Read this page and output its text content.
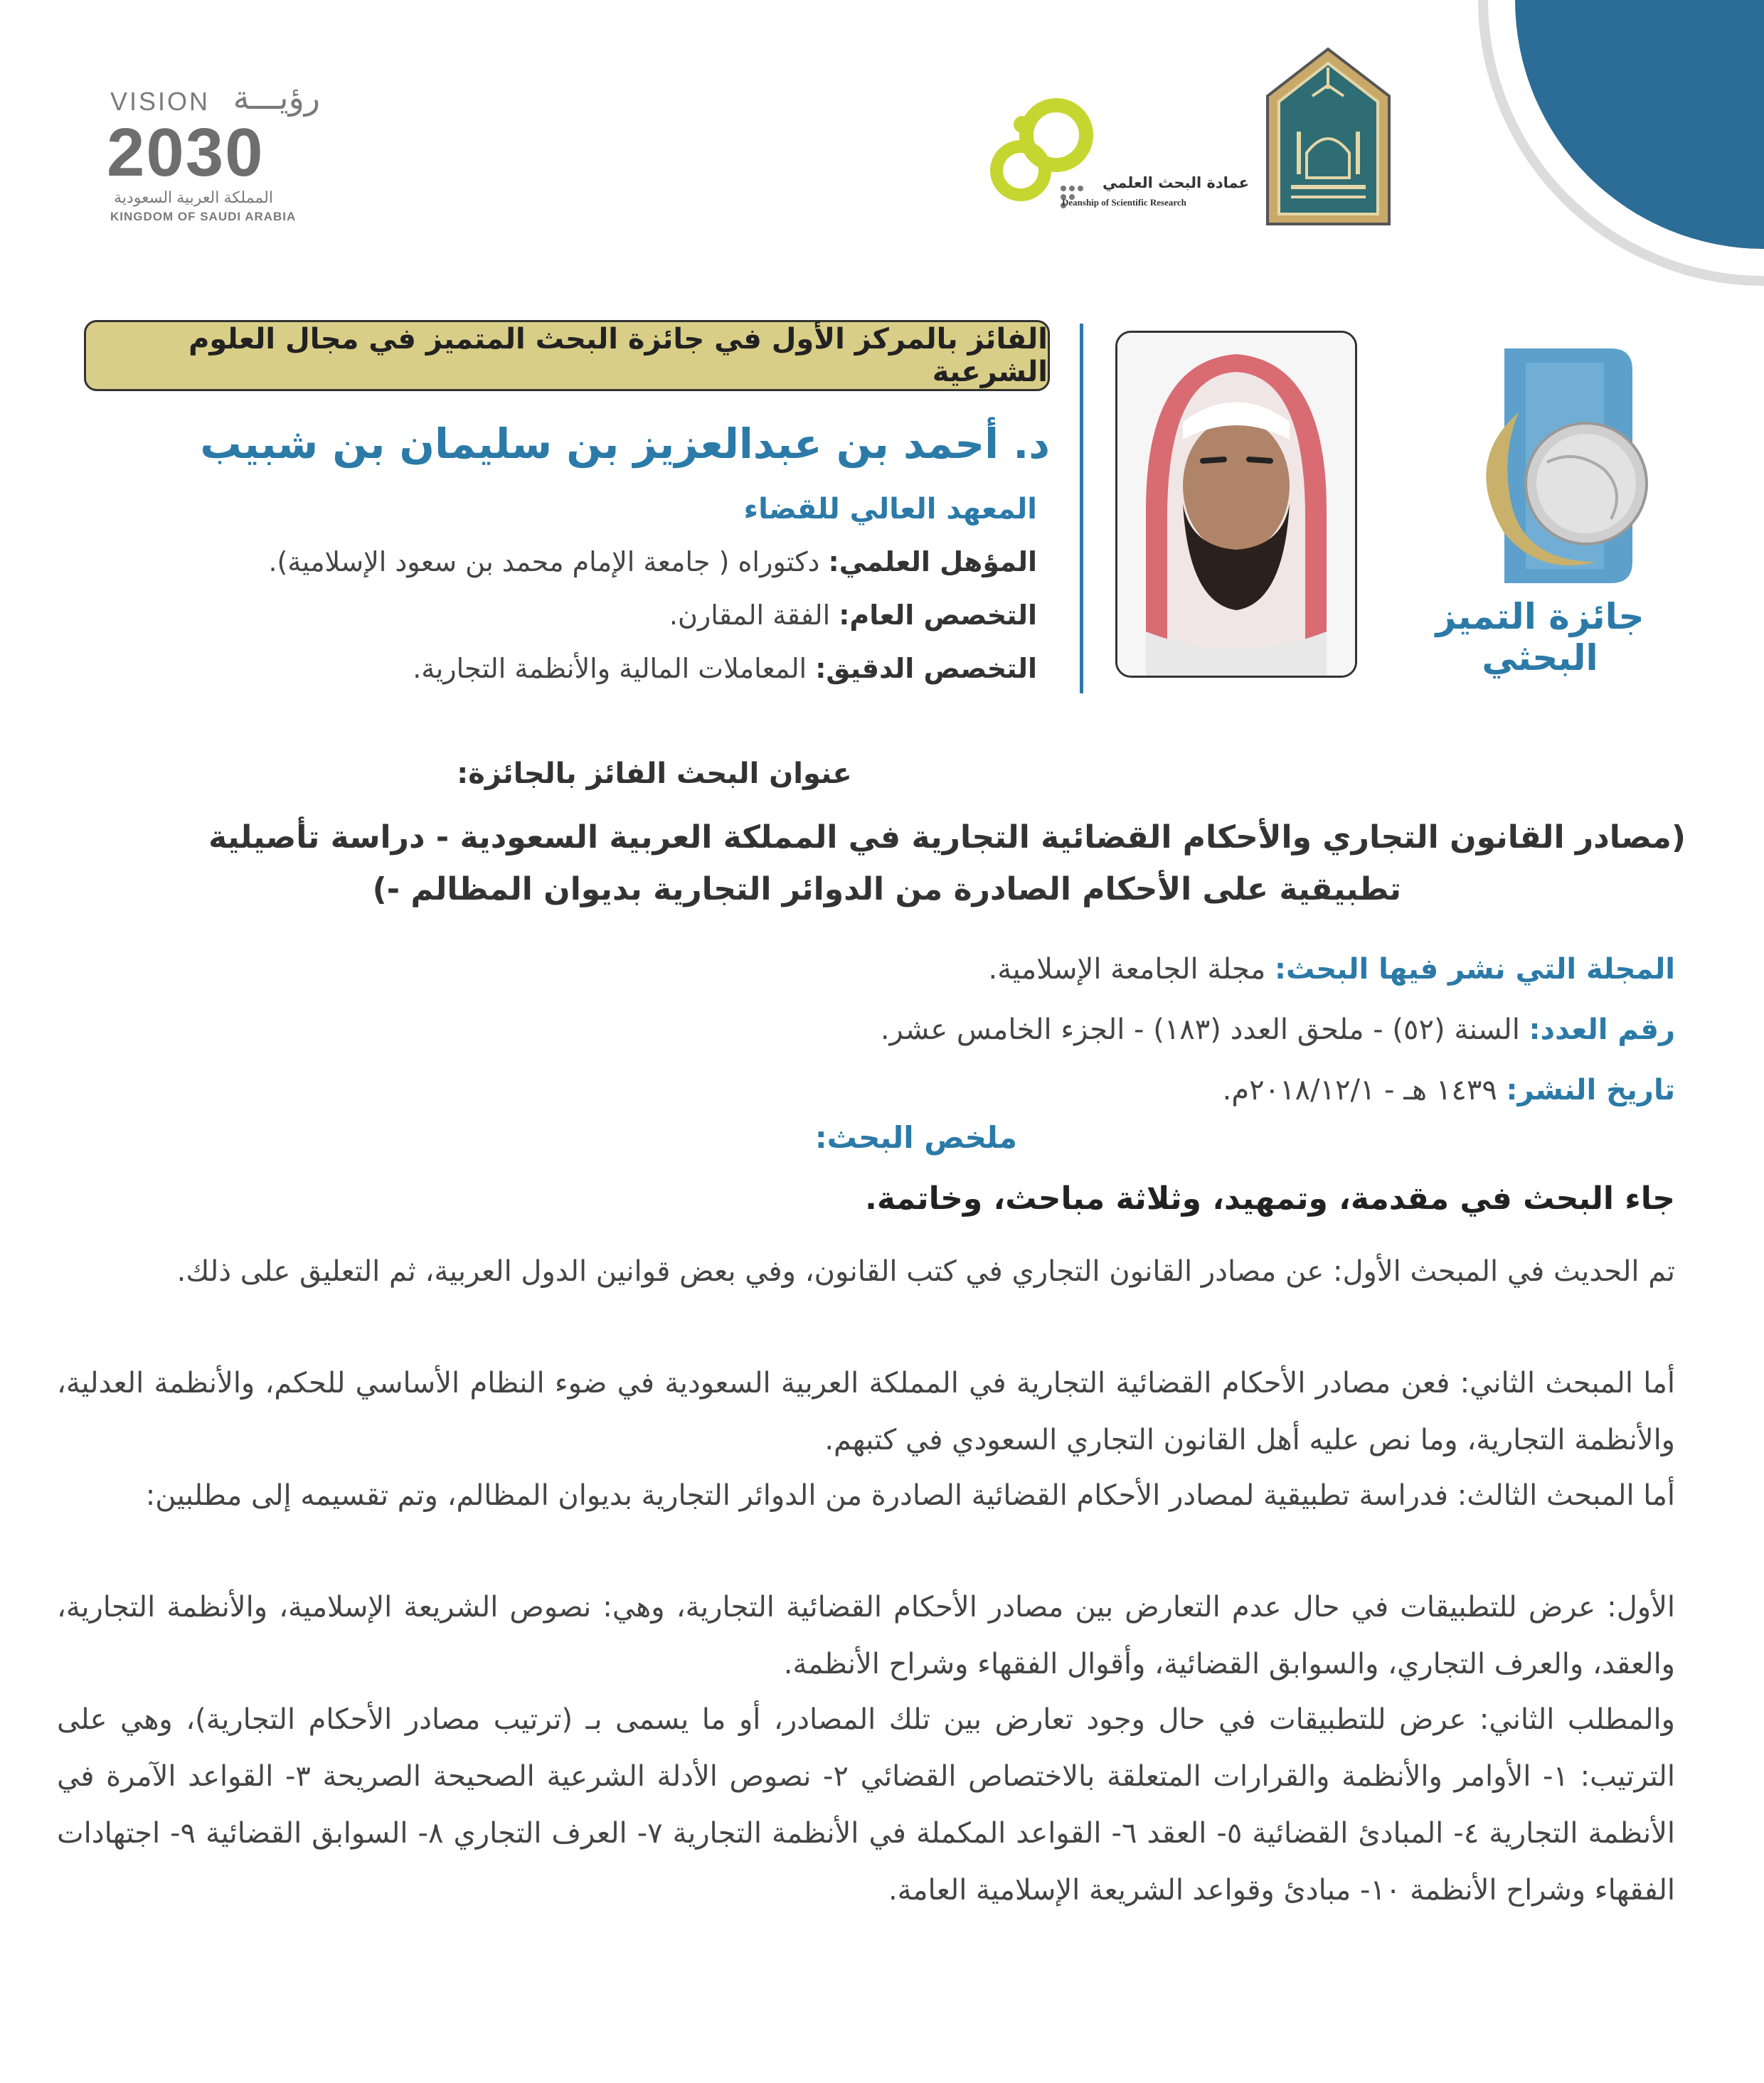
رؤيـــة
VISION
2030
المملكة العربية السعودية
KINGDOM OF SAUDI ARABIA
عمادة البحث العلمي
Deanship of Scientific Research
الفائز بالمركز الأول في جائزة البحث المتميز في مجال العلوم الشرعية
د. أحمد بن عبدالعزيز بن سليمان بن شبيب
المعهد العالي للقضاء
المؤهل العلمي: دكتوراه ( جامعة الإمام محمد بن سعود الإسلامية).
التخصص العام: الفقة المقارن.
التخصص الدقيق: المعاملات المالية والأنظمة التجارية.
جائزة التميز البحثي
عنوان البحث الفائز بالجائزة:
(مصادر القانون التجاري والأحكام القضائية التجارية في المملكة العربية السعودية - دراسة تأصيلية
تطبيقية على الأحكام الصادرة من الدوائر التجارية بديوان المظالم -)
المجلة التي نشر فيها البحث: مجلة الجامعة الإسلامية.
رقم العدد: السنة (٥٢) - ملحق العدد (١٨٣) - الجزء الخامس عشر.
تاريخ النشر: ١٤٣٩ هـ - ٢٠١٨/١٢/١م.
ملخص البحث:
جاء البحث في مقدمة، وتمهيد، وثلاثة مباحث، وخاتمة.
تم الحديث في المبحث الأول: عن مصادر القانون التجاري في كتب القانون، وفي بعض قوانين الدول العربية، ثم التعليق على ذلك.
أما المبحث الثاني: فعن مصادر الأحكام القضائية التجارية في المملكة العربية السعودية في ضوء النظام الأساسي للحكم، والأنظمة العدلية، والأنظمة التجارية، وما نص عليه أهل القانون التجاري السعودي في كتبهم.
أما المبحث الثالث: فدراسة تطبيقية لمصادر الأحكام القضائية الصادرة من الدوائر التجارية بديوان المظالم، وتم تقسيمه إلى مطلبين:
الأول: عرض للتطبيقات في حال عدم التعارض بين مصادر الأحكام القضائية التجارية، وهي: نصوص الشريعة الإسلامية، والأنظمة التجارية، والعقد، والعرف التجاري، والسوابق القضائية، وأقوال الفقهاء وشراح الأنظمة.
والمطلب الثاني: عرض للتطبيقات في حال وجود تعارض بين تلك المصادر، أو ما يسمى بـ (ترتيب مصادر الأحكام التجارية)، وهي على الترتيب: ١- الأوامر والأنظمة والقرارات المتعلقة بالاختصاص القضائي ٢- نصوص الأدلة الشرعية الصحيحة الصريحة ٣- القواعد الآمرة في الأنظمة التجارية ٤- المبادئ القضائية ٥- العقد ٦- القواعد المكملة في الأنظمة التجارية ٧- العرف التجاري ٨- السوابق القضائية ٩- اجتهادات الفقهاء وشراح الأنظمة ١٠- مبادئ وقواعد الشريعة الإسلامية العامة.
